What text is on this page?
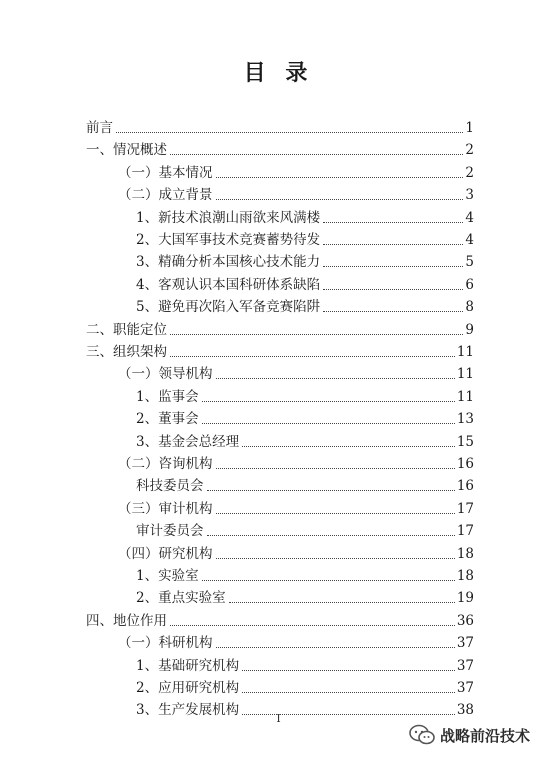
目 录
前言	1
一、情况概述	2
（一）基本情况	2
（二）成立背景	3
1、新技术浪潮山雨欲来风满楼	4
2、大国军事技术竞赛蓄势待发	4
3、精确分析本国核心技术能力	5
4、客观认识本国科研体系缺陷	6
5、避免再次陷入军备竞赛陷阱	8
二、职能定位	9
三、组织架构	11
（一）领导机构	11
1、监事会	11
2、董事会	13
3、基金会总经理	15
（二）咨询机构	16
科技委员会	16
（三）审计机构	17
审计委员会	17
（四）研究机构	18
1、实验室	18
2、重点实验室	19
四、地位作用	36
（一）科研机构	37
1、基础研究机构	37
2、应用研究机构	37
3、生产发展机构	38
I
战略前沿技术
